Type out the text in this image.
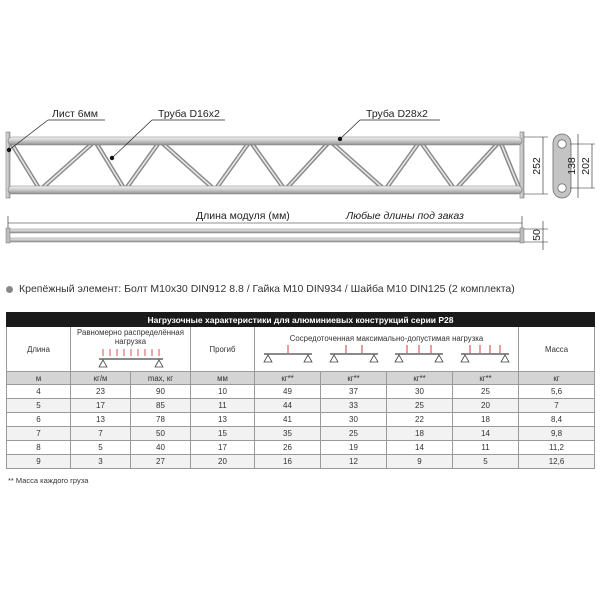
Лист 6мм	Труба D16x2	Труба D28x2
252 138 202
Длина модуля (мм)	Любые длины под заказ
50
Крепёжный элемент: Болт М10х30 DIN912 8.8 / Гайка М10 DIN934 / Шайба М10 DIN125 (2 комплекта)
Нагрузочные характеристики для алюминиевых конструкций серии Р28								
Длина	Равномерно распределённая нагрузка		Прогиб	Сосредоточенная максимально-допустимая нагрузка				Масса
м	кг/м	max, кг	мм	кг**	кг**	кг**	кг**	кг
4	23	90	10	49	37	30	25	5,6
5	17	85	11	44	33	25	20	7
6	13	78	13	41	30	22	18	8,4
7	7	50	15	35	25	18	14	9,8
8	5	40	17	26	19	14	11	11,2
9	3	27	20	16	12	9	5	12,6
** Масса каждого груза
